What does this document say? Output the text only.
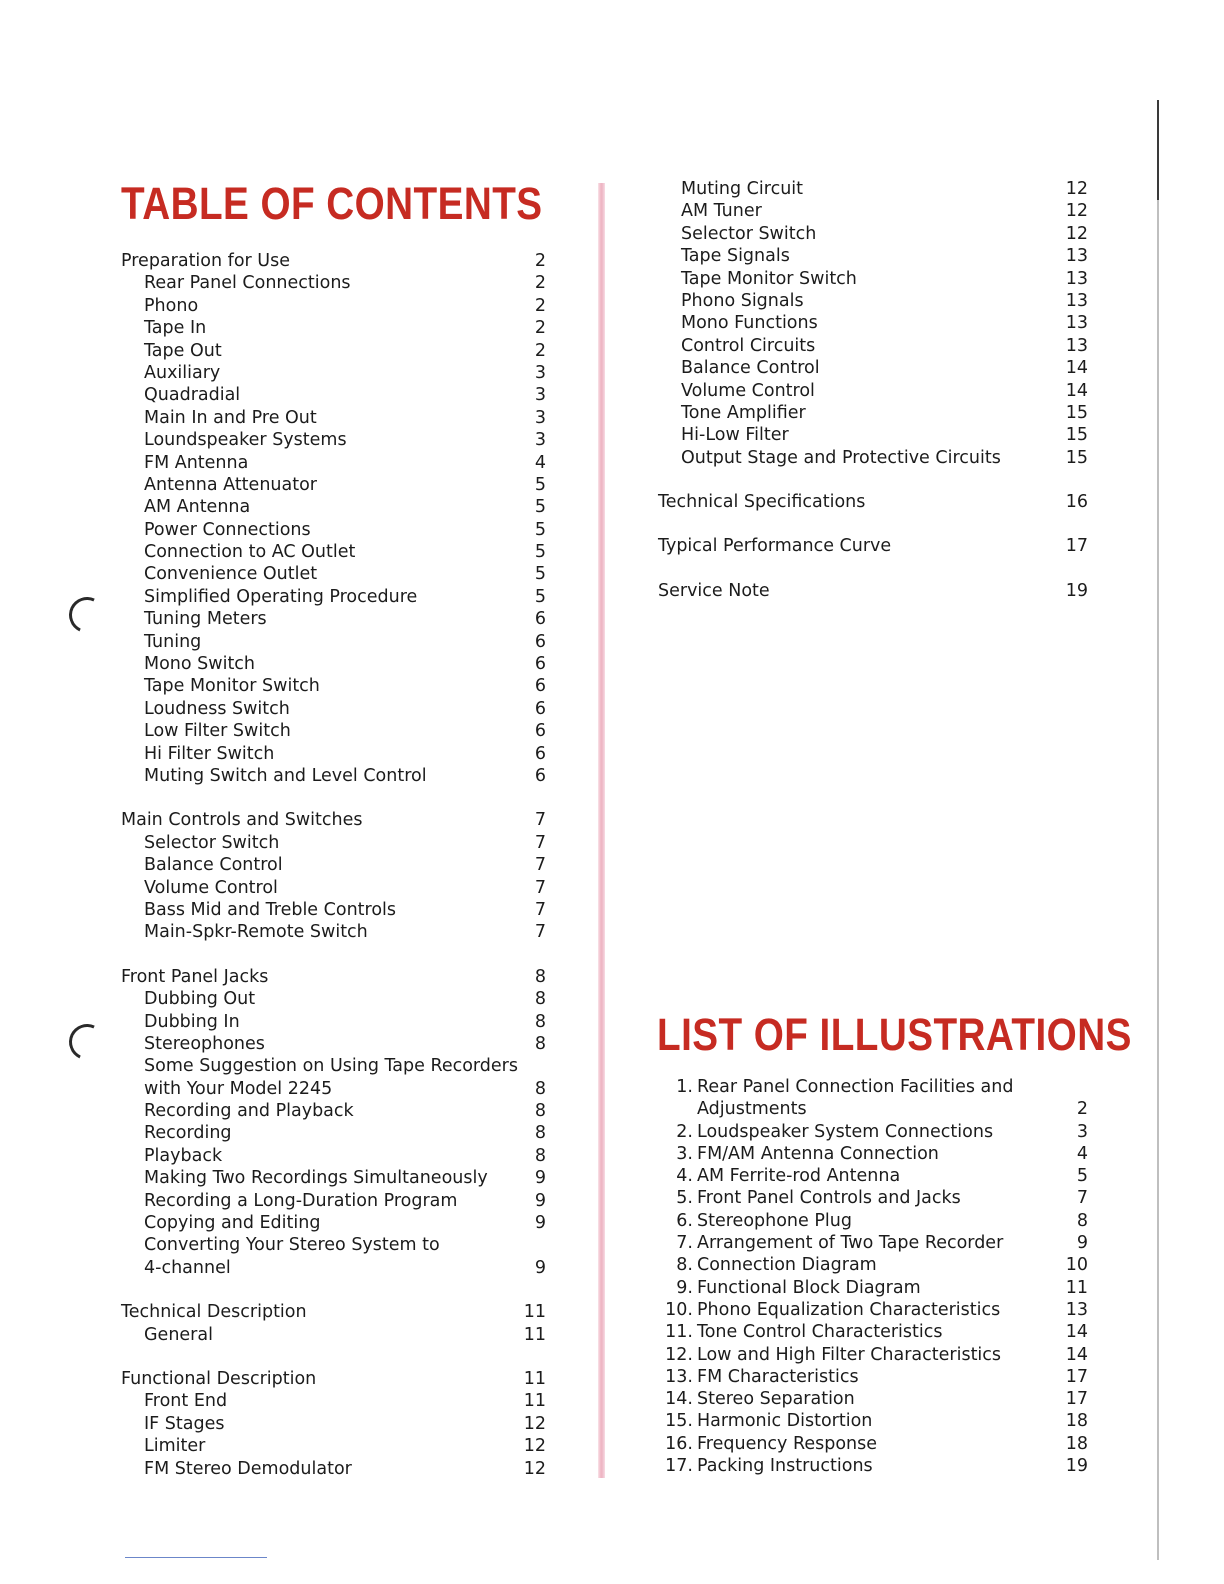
TABLE OF CONTENTS
LIST OF ILLUSTRATIONS
Preparation for Use	2
Rear Panel Connections	2
Phono	2
Tape In	2
Tape Out	2
Auxiliary	3
Quadradial	3
Main In and Pre Out	3
Loundspeaker Systems	3
FM Antenna	4
Antenna Attenuator	5
AM Antenna	5
Power Connections	5
Connection to AC Outlet	5
Convenience Outlet	5
Simplified Operating Procedure	5
Tuning Meters	6
Tuning	6
Mono Switch	6
Tape Monitor Switch	6
Loudness Switch	6
Low Filter Switch	6
Hi Filter Switch	6
Muting Switch and Level Control	6
Main Controls and Switches	7
Selector Switch	7
Balance Control	7
Volume Control	7
Bass Mid and Treble Controls	7
Main-Spkr-Remote Switch	7
Front Panel Jacks	8
Dubbing Out	8
Dubbing In	8
Stereophones	8
Some Suggestion on Using Tape Recorders
with Your Model 2245	8
Recording and Playback	8
Recording	8
Playback	8
Making Two Recordings Simultaneously	9
Recording a Long-Duration Program	9
Copying and Editing	9
Converting Your Stereo System to
4-channel	9
Technical Description	11
General	11
Functional Description	11
Front End	11
IF Stages	12
Limiter	12
FM Stereo Demodulator	12
Muting Circuit	12
AM Tuner	12
Selector Switch	12
Tape Signals	13
Tape Monitor Switch	13
Phono Signals	13
Mono Functions	13
Control Circuits	13
Balance Control	14
Volume Control	14
Tone Amplifier	15
Hi-Low Filter	15
Output Stage and Protective Circuits	15
Technical Specifications	16
Typical Performance Curve	17
Service Note	19
1. Rear Panel Connection Facilities and
Adjustments	2
2. Loudspeaker System Connections	3
3. FM/AM Antenna Connection	4
4. AM Ferrite-rod Antenna	5
5. Front Panel Controls and Jacks	7
6. Stereophone Plug	8
7. Arrangement of Two Tape Recorder	9
8. Connection Diagram	10
9. Functional Block Diagram	11
10. Phono Equalization Characteristics	13
11. Tone Control Characteristics	14
12. Low and High Filter Characteristics	14
13. FM Characteristics	17
14. Stereo Separation	17
15. Harmonic Distortion	18
16. Frequency Response	18
17. Packing Instructions	19
